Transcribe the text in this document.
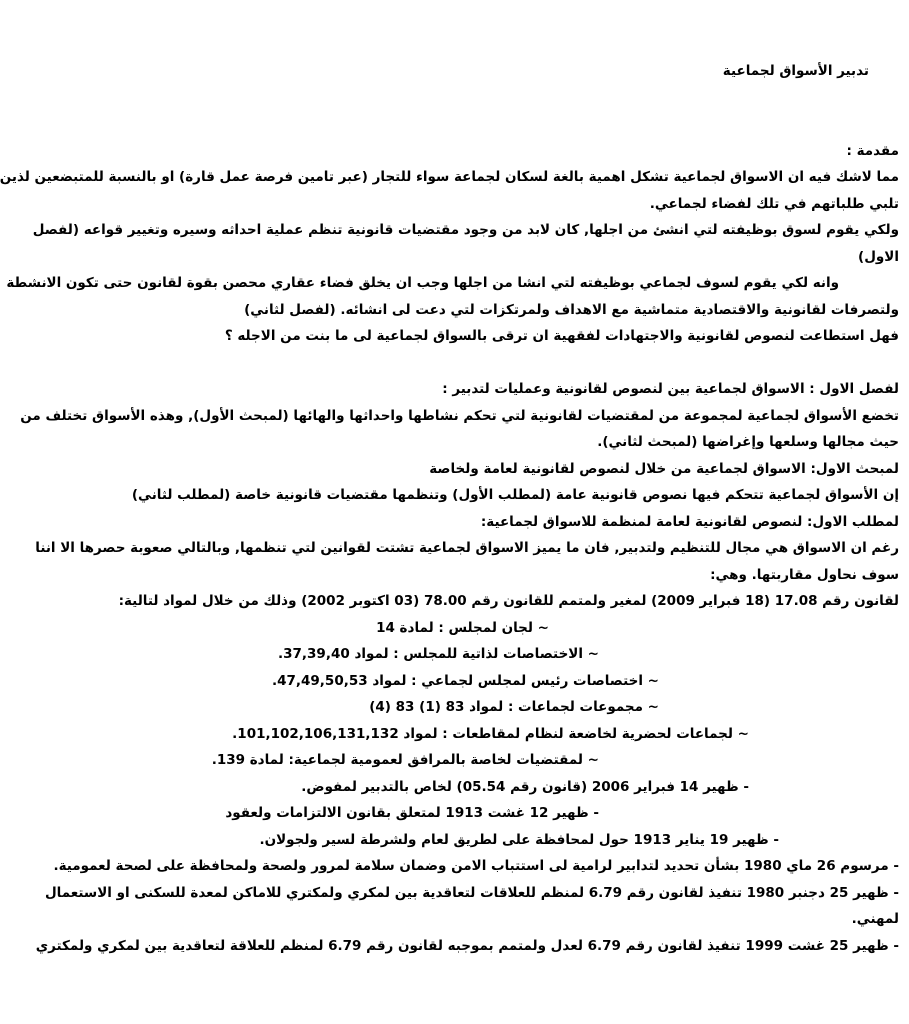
تدبير الأسواق لجماعية
مقدمة :
مما لاشك فيه ان الاسواق لجماعية تشكل اهمية بالغة لسكان لجماعة سواء للتجار (عبر تامين فرصة عمل قارة) او بالنسبة للمتبضعين لذين
تلبي طلباتهم في تلك لفضاء لجماعي.
ولكي يقوم لسوق بوظيفته لتي انشئ من اجلها, كان لابد من وجود مقتضيات قانونية تنظم عملية احداثه وسيره وتغيير قواعه (لفصل
الاول)
وانه لكي يقوم لسوف لجماعي بوظيفته لتي انشا من اجلها وجب ان يخلق فضاء عقاري محصن بقوة لقانون حتى تكون الانشطة
ولتصرفات لقانونية والاقتصادية متماشية مع الاهداف ولمرتكزات لتي دعت لى انشائه. (لفصل لثاني)
فهل استطاعت لنصوص لقانونية والاجتهادات لفقهية ان ترقى بالسواق لجماعية لى ما بنت من الاجله ؟
لفصل الاول : الاسواق لجماعية بين لنصوص لقانونية وعمليات لتدبير :
تخضع الأسواق لجماعية لمجموعة من لمقتضيات لقانونية لتي تحكم نشاطها واحداثها والهائها (لمبحث الأول), وهذه الأسواق تختلف من
حيث مجالها وسلعها وإغراضها (لمبحث لثاني).
لمبحث الاول: الاسواق لجماعية من خلال لنصوص لقانونية لعامة ولخاصة
إن الأسواق لجماعية تتحكم فيها نصوص قانونية عامة (لمطلب الأول) وتنظمها مقتضيات قانونية خاصة (لمطلب لثاني)
لمطلب الاول: لنصوص لقانونية لعامة لمنظمة للاسواق لجماعية:
رغم ان الاسواق هي مجال للتنظيم ولتدبير, فان ما يميز الاسواق لجماعية تشتت لقوانين لتي تنظمها, وبالتالي صعوبة حصرها الا اننا
سوف نحاول مقاربتها. وهي:
لقانون رقم 17.08 (18 فبراير 2009) لمغير ولمتمم للقانون رقم 78.00 (03 اكتوبر 2002) وذلك من خلال لمواد لتالية:
~ لجان لمجلس : لمادة 14
~ الاختصاصات لذاتية للمجلس : لمواد 37,39,40.
~ اختصاصات رئيس لمجلس لجماعي : لمواد 47,49,50,53.
~ مجموعات لجماعات : لمواد 83 (1) 83 (4)
~ لجماعات لحضرية لخاضعة لنظام لمقاطعات : لمواد 101,102,106,131,132.
~ لمقتضيات لخاصة بالمرافق لعمومية لجماعية: لمادة 139.
- ظهير 14 فبراير 2006 (قانون رقم 05.54) لخاص بالتدبير لمفوض.
- ظهير 12 غشت 1913 لمتعلق بقانون الالتزامات ولعقود
- ظهير 19 يناير 1913 حول لمحافظة على لطريق لعام ولشرطة لسير ولجولان.
- مرسوم 26 ماي 1980 بشأن تحديد لتدابير لرامية لى استتباب الامن وضمان سلامة لمرور ولصحة ولمحافظة على لصحة لعمومية.
- ظهير 25 دجنبر 1980 تنفيذ لقانون رقم 6.79 لمنظم للعلاقات لتعاقدية بين لمكري ولمكتري للاماكن لمعدة للسكنى او الاستعمال
لمهني.
- ظهير 25 غشت 1999 تنفيذ لقانون رقم 6.79 لعدل ولمتمم بموجبه لقانون رقم 6.79 لمنظم للعلاقة لتعاقدية بين لمكري ولمكتري
